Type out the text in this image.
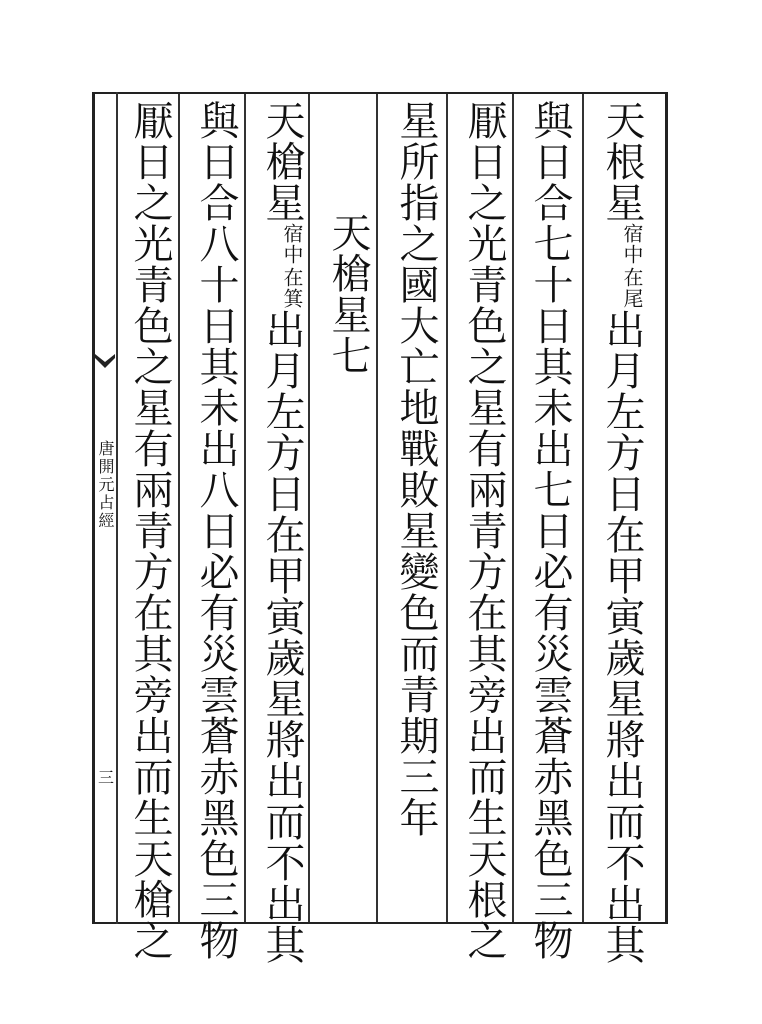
唐開元占經
三
天根星
在尾
宿中
出月左方日在甲寅歲星將出而不出其
與日合七十日其未出七日必有災雲蒼赤黑色三物
厭日之光青色之星有兩青方在其旁出而生天根之
星所指之國大亡地戰敗星變色而青期三年
天槍星七
天槍星
在箕
宿中
出月左方日在甲寅歲星將出而不出其
與日合八十日其未出八日必有災雲蒼赤黑色三物
厭日之光青色之星有兩青方在其旁出而生天槍之
